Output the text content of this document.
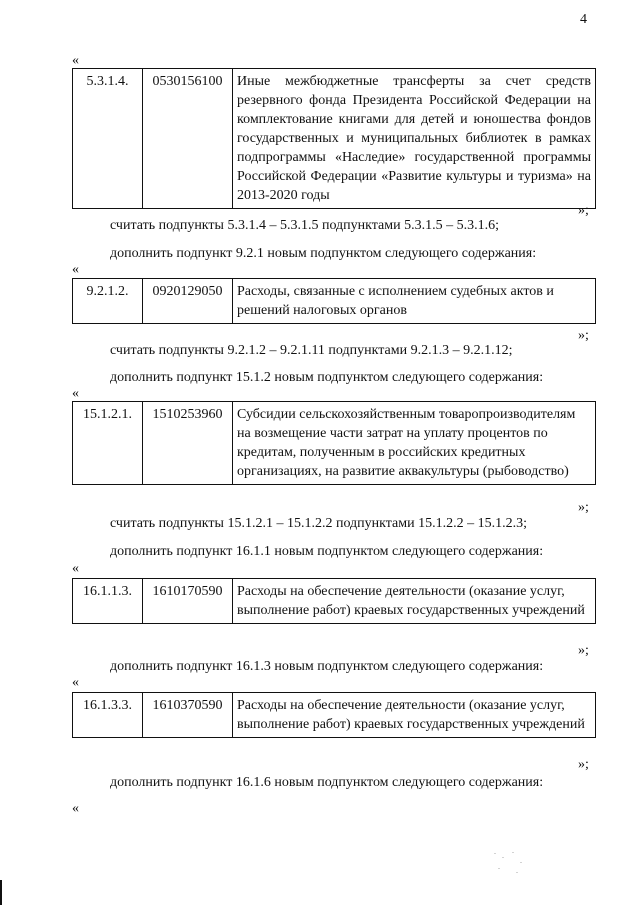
4
«
5.3.1.4.	0530156100	Иные межбюджетные трансферты за счет средств резервного фонда Президента Российской Федерации на комплектование книгами для детей и юношества фондов государственных и муниципальных библиотек в рамках подпрограммы «Наследие» государственной программы Российской Федерации «Развитие культуры и туризма» на 2013-2020 годы
»;
считать подпункты 5.3.1.4 – 5.3.1.5 подпунктами 5.3.1.5 – 5.3.1.6;
дополнить подпункт 9.2.1 новым подпунктом следующего содержания:
«
9.2.1.2.	0920129050	Расходы, связанные с исполнением судебных актов и решений налоговых органов
»;
считать подпункты 9.2.1.2 – 9.2.1.11 подпунктами 9.2.1.3 – 9.2.1.12;
дополнить подпункт 15.1.2 новым подпунктом следующего содержания:
«
15.1.2.1.	1510253960	Субсидии сельскохозяйственным товаропроизводителям на возмещение части затрат на уплату процентов по кредитам, полученным в российских кредитных организациях, на развитие аквакультуры (рыбоводство)
»;
считать подпункты 15.1.2.1 – 15.1.2.2 подпунктами 15.1.2.2 – 15.1.2.3;
дополнить подпункт 16.1.1 новым подпунктом следующего содержания:
«
16.1.1.3.	1610170590	Расходы на обеспечение деятельности (оказание услуг, выполнение работ) краевых государственных учреждений
»;
дополнить подпункт 16.1.3 новым подпунктом следующего содержания:
«
16.1.3.3.	1610370590	Расходы на обеспечение деятельности (оказание услуг, выполнение работ) краевых государственных учреждений
»;
дополнить подпункт 16.1.6 новым подпунктом следующего содержания:
«
